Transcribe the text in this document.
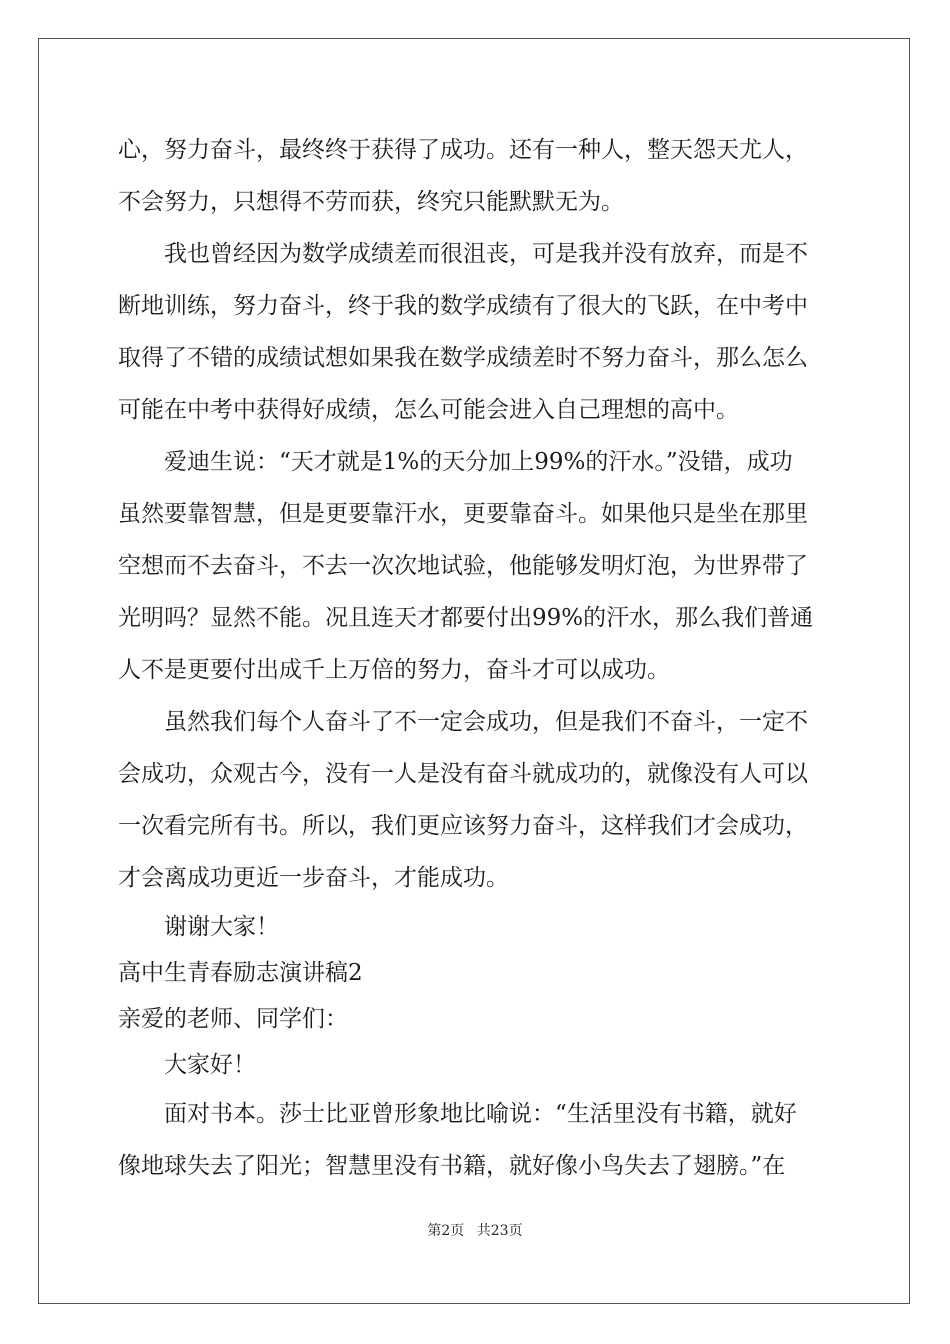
心，努力奋斗，最终终于获得了成功。还有一种人，整天怨天尤人，
不会努力，只想得不劳而获，终究只能默默无为。
我也曾经因为数学成绩差而很沮丧，可是我并没有放弃，而是不
断地训练，努力奋斗，终于我的数学成绩有了很大的飞跃，在中考中
取得了不错的成绩试想如果我在数学成绩差时不努力奋斗，那么怎么
可能在中考中获得好成绩，怎么可能会进入自己理想的高中。
爱迪生说：“天才就是1%的天分加上99%的汗水。”没错，成功
虽然要靠智慧，但是更要靠汗水，更要靠奋斗。如果他只是坐在那里
空想而不去奋斗，不去一次次地试验，他能够发明灯泡，为世界带了
光明吗？显然不能。况且连天才都要付出99%的汗水，那么我们普通
人不是更要付出成千上万倍的努力，奋斗才可以成功。
虽然我们每个人奋斗了不一定会成功，但是我们不奋斗，一定不
会成功，众观古今，没有一人是没有奋斗就成功的，就像没有人可以
一次看完所有书。所以，我们更应该努力奋斗，这样我们才会成功，
才会离成功更近一步奋斗，才能成功。
谢谢大家！
高中生青春励志演讲稿2
亲爱的老师、同学们：
大家好！
面对书本。莎士比亚曾形象地比喻说：“生活里没有书籍，就好
像地球失去了阳光；智慧里没有书籍，就好像小鸟失去了翅膀。”在
第2页 共23页
